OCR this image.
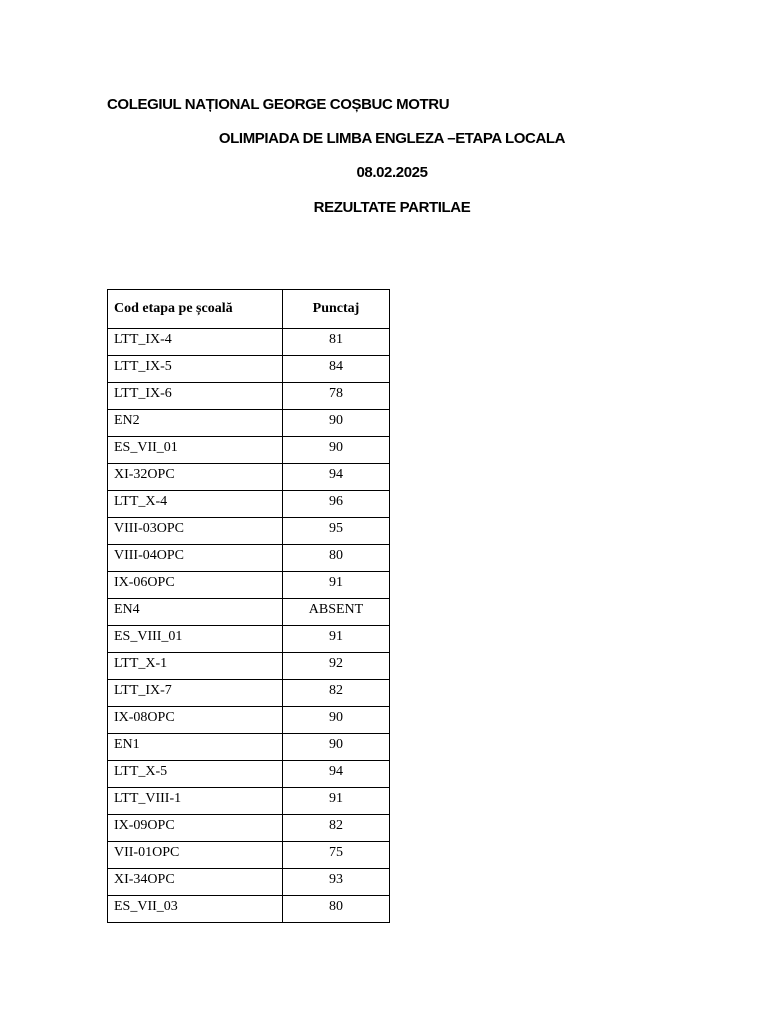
COLEGIUL NAȚIONAL GEORGE COȘBUC MOTRU
OLIMPIADA DE LIMBA ENGLEZA –ETAPA LOCALA
08.02.2025
REZULTATE PARTILAE
Cod etapa pe școală	Punctaj
LTT_IX-4	81
LTT_IX-5	84
LTT_IX-6	78
EN2	90
ES_VII_01	90
XI-32OPC	94
LTT_X-4	96
VIII-03OPC	95
VIII-04OPC	80
IX-06OPC	91
EN4	ABSENT
ES_VIII_01	91
LTT_X-1	92
LTT_IX-7	82
IX-08OPC	90
EN1	90
LTT_X-5	94
LTT_VIII-1	91
IX-09OPC	82
VII-01OPC	75
XI-34OPC	93
ES_VII_03	80
